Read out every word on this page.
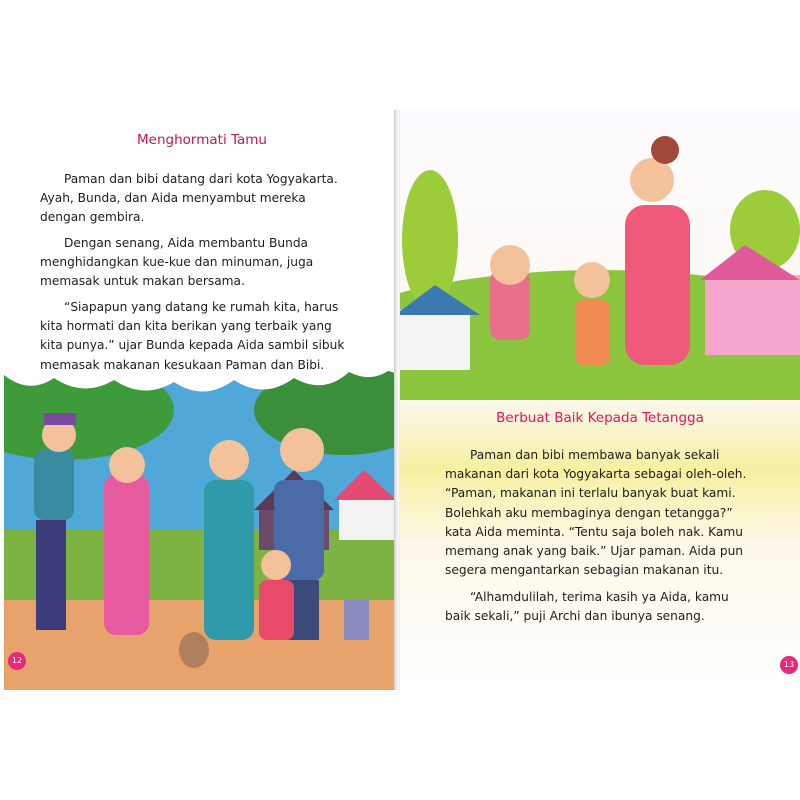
Menghormati Tamu
Paman dan bibi datang dari kota Yogyakarta.
Ayah, Bunda, dan Aida menyambut mereka
dengan gembira.
Dengan senang, Aida membantu Bunda
menghidangkan kue-kue dan minuman, juga
memasak untuk makan bersama.
“Siapapun yang datang ke rumah kita, harus
kita hormati dan kita berikan yang terbaik yang
kita punya.” ujar Bunda kepada Aida sambil sibuk
memasak makanan kesukaan Paman dan Bibi.
12
Berbuat Baik Kepada Tetangga
Paman dan bibi membawa banyak sekali
makanan dari kota Yogyakarta sebagai oleh-oleh.
“Paman, makanan ini terlalu banyak buat kami.
Bolehkah aku membaginya dengan tetangga?”
kata Aida meminta. “Tentu saja boleh nak. Kamu
memang anak yang baik.” Ujar paman. Aida pun
segera mengantarkan sebagian makanan itu.
“Alhamdulilah, terima kasih ya Aida, kamu
baik sekali,” puji Archi dan ibunya senang.
13
